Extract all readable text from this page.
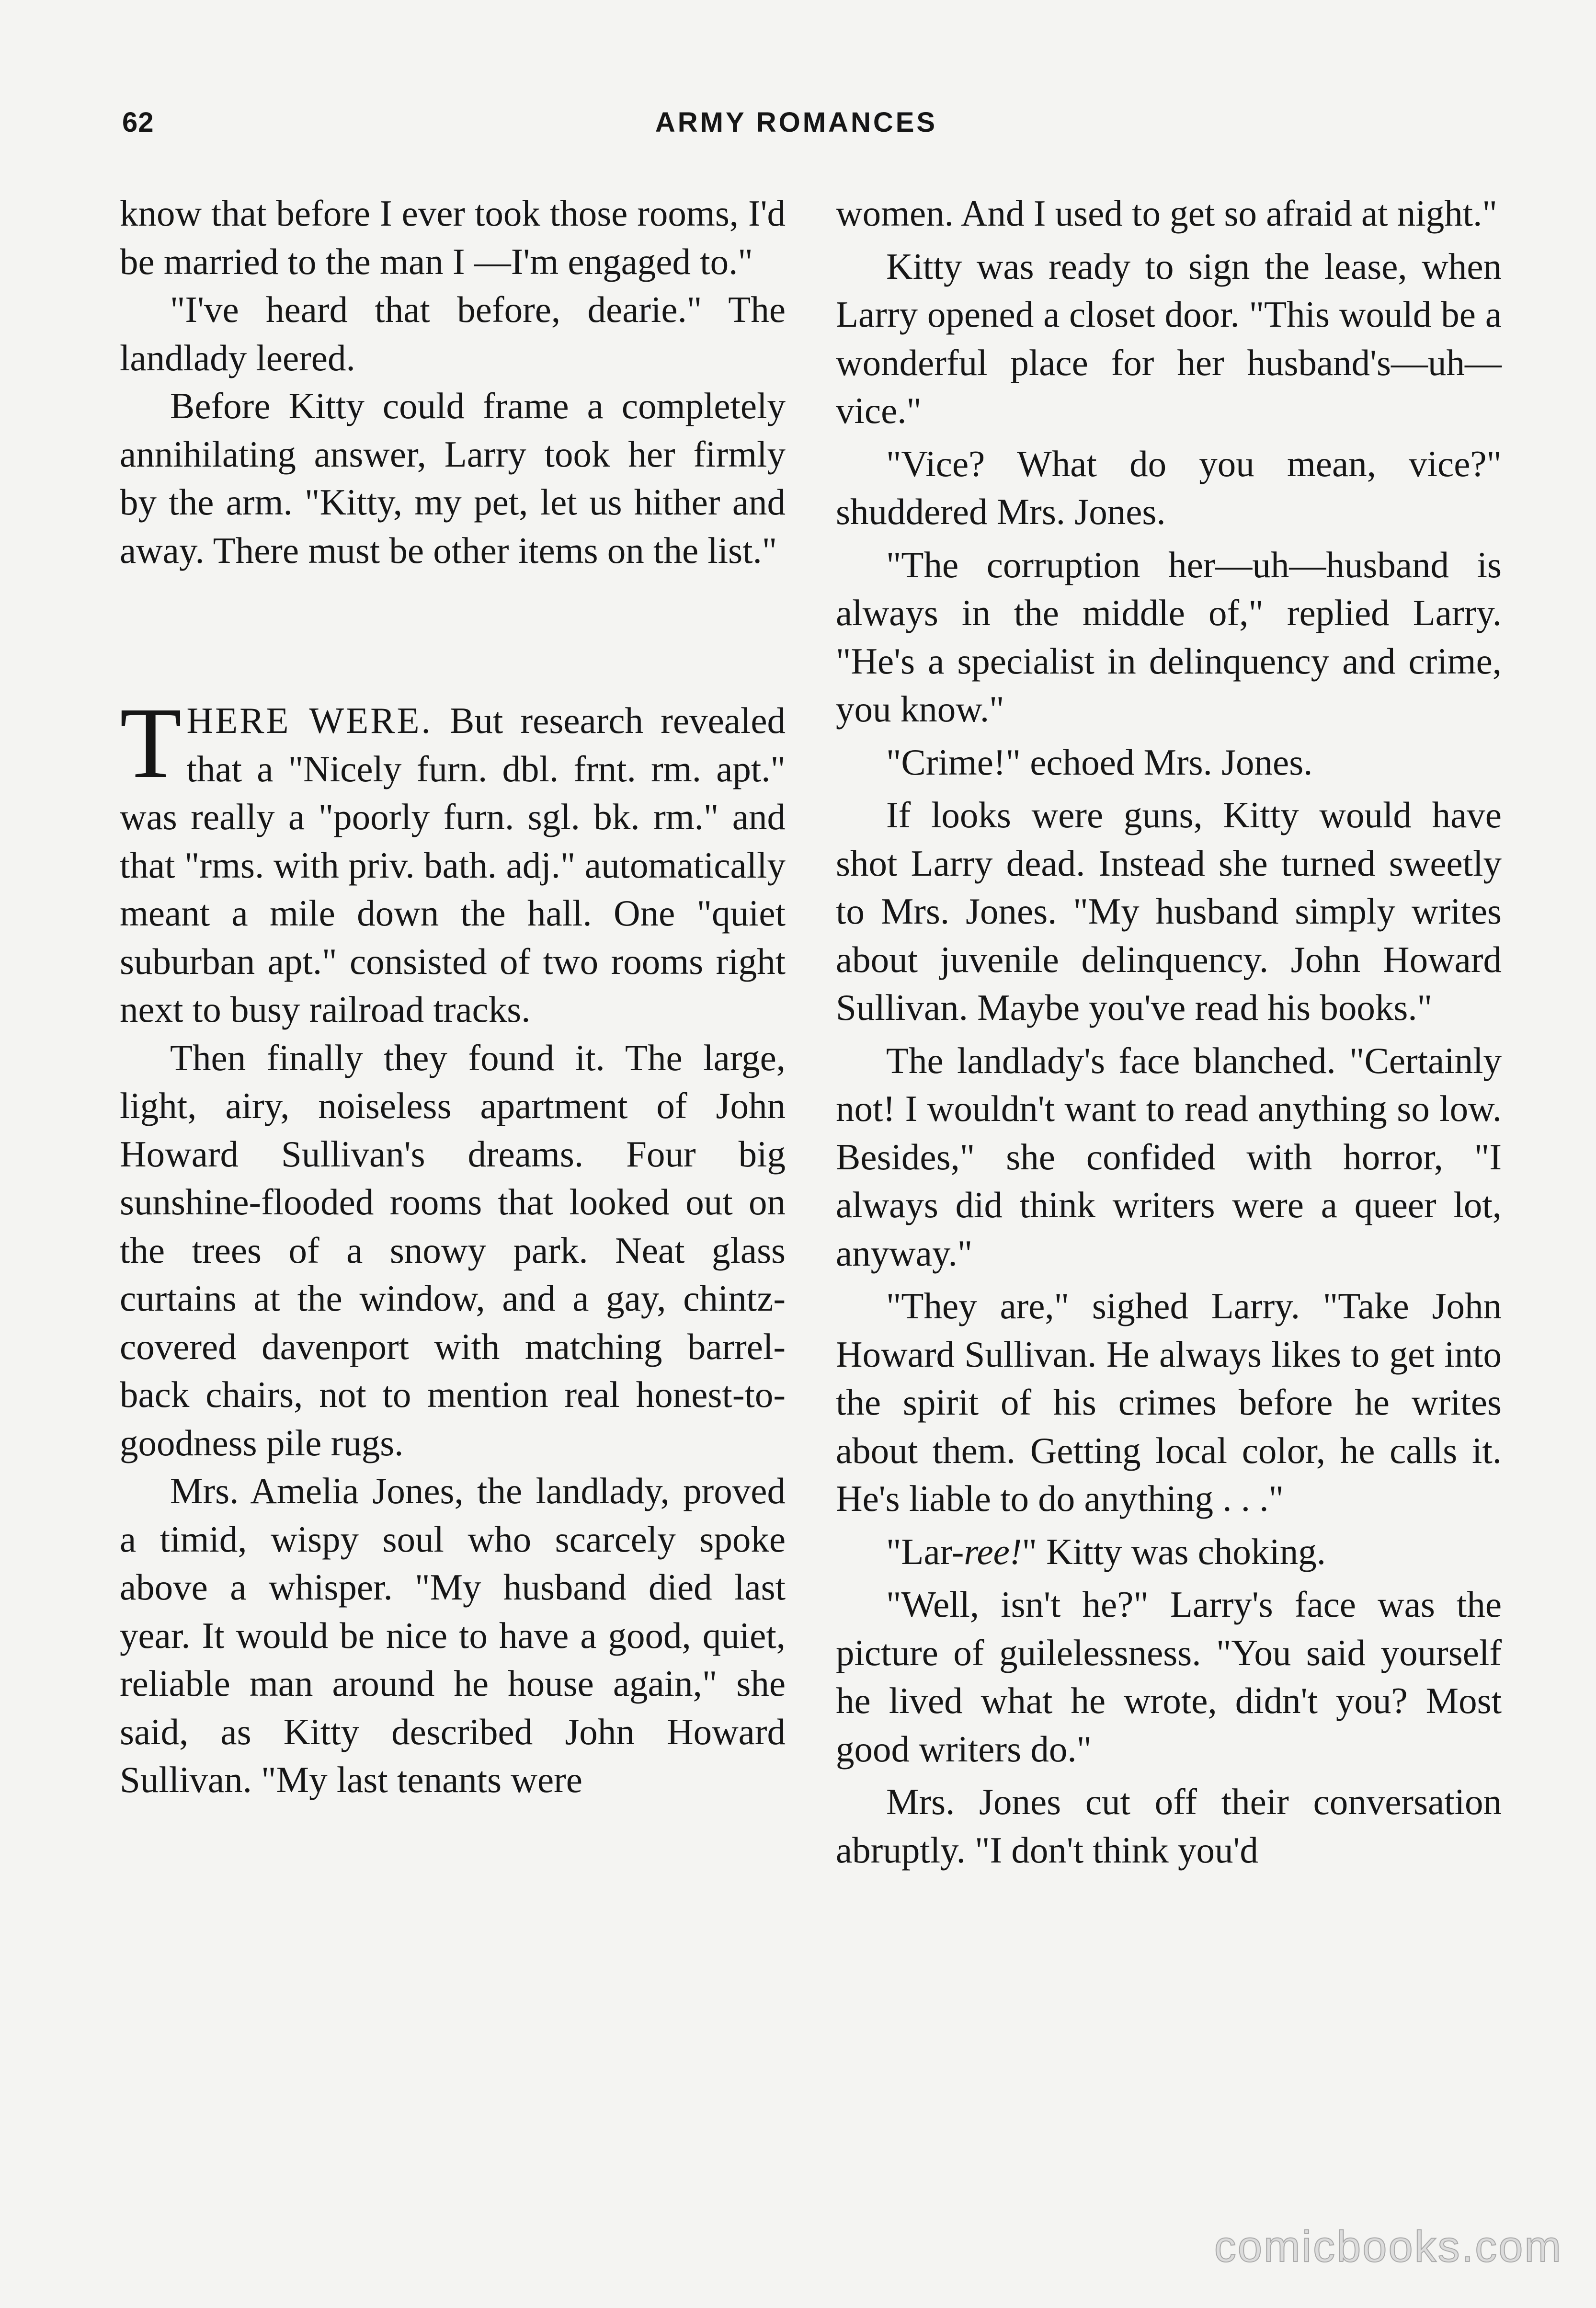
62	ARMY ROMANCES

know that before I ever took those rooms, I'd be married to the man I —I'm engaged to."

"I've heard that before, dearie." The landlady leered.

Before Kitty could frame a completely annihilating answer, Larry took her firmly by the arm. "Kitty, my pet, let us hither and away. There must be other items on the list."

THERE WERE. But research revealed that a "Nicely furn. dbl. frnt. rm. apt." was really a "poorly furn. sgl. bk. rm." and that "rms. with priv. bath. adj." automatically meant a mile down the hall. One "quiet suburban apt." consisted of two rooms right next to busy railroad tracks.

Then finally they found it. The large, light, airy, noiseless apartment of John Howard Sullivan's dreams. Four big sunshine-flooded rooms that looked out on the trees of a snowy park. Neat glass curtains at the window, and a gay, chintz-covered davenport with matching barrel-back chairs, not to mention real honest-to-goodness pile rugs.

Mrs. Amelia Jones, the landlady, proved a timid, wispy soul who scarcely spoke above a whisper. "My husband died last year. It would be nice to have a good, quiet, reliable man around he house again," she said, as Kitty described John Howard Sullivan. "My last tenants were

women. And I used to get so afraid at night."

Kitty was ready to sign the lease, when Larry opened a closet door. "This would be a wonderful place for her husband's—uh—vice."

"Vice? What do you mean, vice?" shuddered Mrs. Jones.

"The corruption her—uh—husband is always in the middle of," replied Larry. "He's a specialist in delinquency and crime, you know."

"Crime!" echoed Mrs. Jones.

If looks were guns, Kitty would have shot Larry dead. Instead she turned sweetly to Mrs. Jones. "My husband simply writes about juvenile delinquency. John Howard Sullivan. Maybe you've read his books."

The landlady's face blanched. "Certainly not! I wouldn't want to read anything so low. Besides," she confided with horror, "I always did think writers were a queer lot, anyway."

"They are," sighed Larry. "Take John Howard Sullivan. He always likes to get into the spirit of his crimes before he writes about them. Getting local color, he calls it. He's liable to do anything . . ."

"Lar-ree!" Kitty was choking.

"Well, isn't he?" Larry's face was the picture of guilelessness. "You said yourself he lived what he wrote, didn't you? Most good writers do."

Mrs. Jones cut off their conversation abruptly. "I don't think you'd

comicbooks.com
